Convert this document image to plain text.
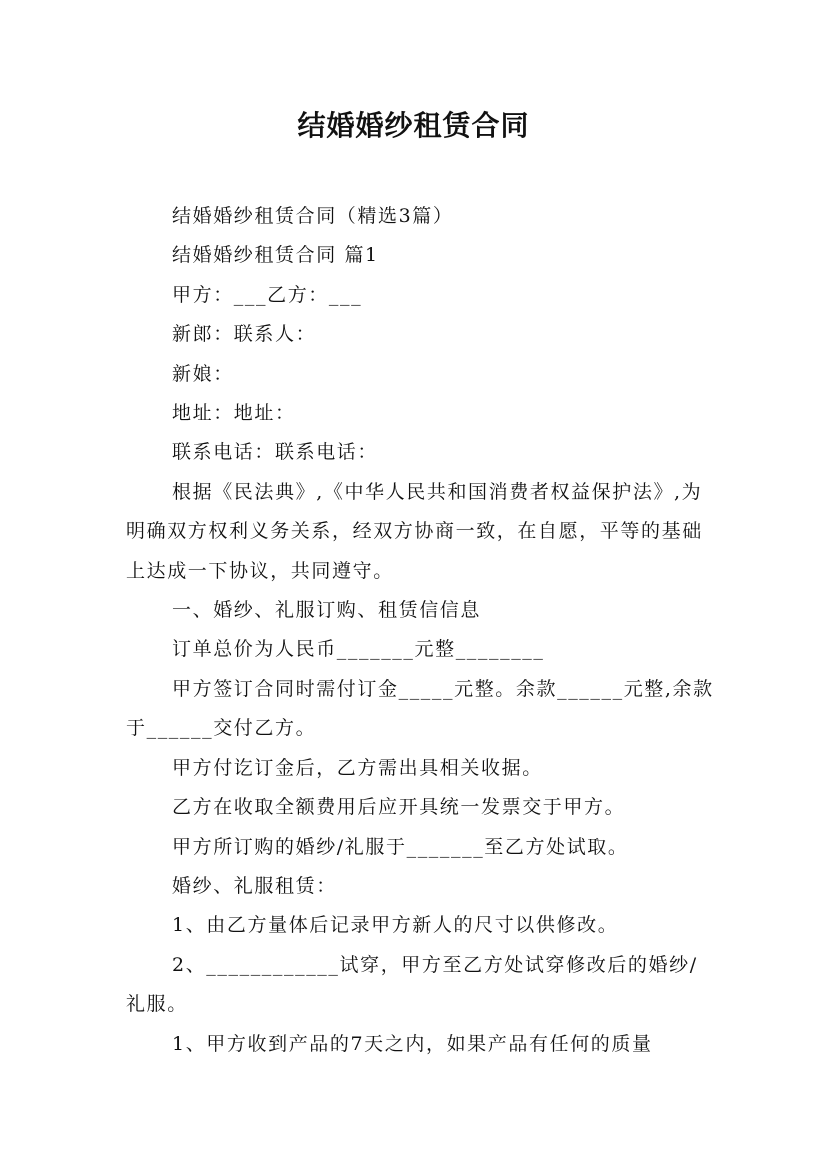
结婚婚纱租赁合同

结婚婚纱租赁合同（精选3篇）

结婚婚纱租赁合同 篇1

甲方：___乙方：___

新郎：联系人：

新娘：

地址：地址：

联系电话：联系电话：

根据《民法典》,《中华人民共和国消费者权益保护法》,为明确双方权利义务关系，经双方协商一致，在自愿，平等的基础上达成一下协议，共同遵守。

一、婚纱、礼服订购、租赁信信息

订单总价为人民币_______元整________

甲方签订合同时需付订金_____元整。余款______元整,余款于______交付乙方。

甲方付讫订金后，乙方需出具相关收据。

乙方在收取全额费用后应开具统一发票交于甲方。

甲方所订购的婚纱/礼服于_______至乙方处试取。

婚纱、礼服租赁：

1、由乙方量体后记录甲方新人的尺寸以供修改。

2、____________试穿，甲方至乙方处试穿修改后的婚纱/礼服。

1、甲方收到产品的7天之内，如果产品有任何的质量
